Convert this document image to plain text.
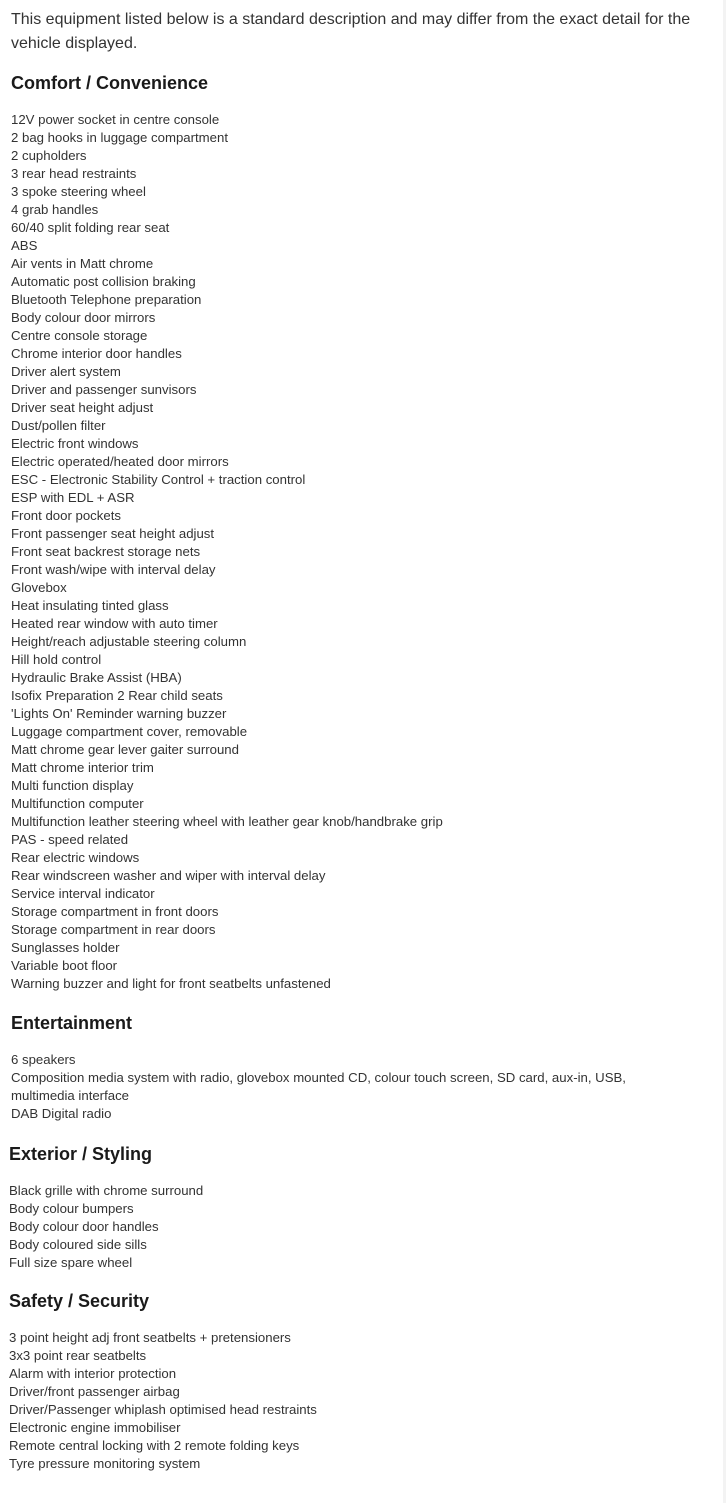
This equipment listed below is a standard description and may differ from the exact detail for the vehicle displayed.

Comfort / Convenience
12V power socket in centre console
2 bag hooks in luggage compartment
2 cupholders
3 rear head restraints
3 spoke steering wheel
4 grab handles
60/40 split folding rear seat
ABS
Air vents in Matt chrome
Automatic post collision braking
Bluetooth Telephone preparation
Body colour door mirrors
Centre console storage
Chrome interior door handles
Driver alert system
Driver and passenger sunvisors
Driver seat height adjust
Dust/pollen filter
Electric front windows
Electric operated/heated door mirrors
ESC - Electronic Stability Control + traction control
ESP with EDL + ASR
Front door pockets
Front passenger seat height adjust
Front seat backrest storage nets
Front wash/wipe with interval delay
Glovebox
Heat insulating tinted glass
Heated rear window with auto timer
Height/reach adjustable steering column
Hill hold control
Hydraulic Brake Assist (HBA)
Isofix Preparation 2 Rear child seats
'Lights On' Reminder warning buzzer
Luggage compartment cover, removable
Matt chrome gear lever gaiter surround
Matt chrome interior trim
Multi function display
Multifunction computer
Multifunction leather steering wheel with leather gear knob/handbrake grip
PAS - speed related
Rear electric windows
Rear windscreen washer and wiper with interval delay
Service interval indicator
Storage compartment in front doors
Storage compartment in rear doors
Sunglasses holder
Variable boot floor
Warning buzzer and light for front seatbelts unfastened
Entertainment
6 speakers
Composition media system with radio, glovebox mounted CD, colour touch screen, SD card, aux-in, USB, multimedia interface
DAB Digital radio
Exterior / Styling
Black grille with chrome surround
Body colour bumpers
Body colour door handles
Body coloured side sills
Full size spare wheel
Safety / Security
3 point height adj front seatbelts + pretensioners
3x3 point rear seatbelts
Alarm with interior protection
Driver/front passenger airbag
Driver/Passenger whiplash optimised head restraints
Electronic engine immobiliser
Remote central locking with 2 remote folding keys
Tyre pressure monitoring system
